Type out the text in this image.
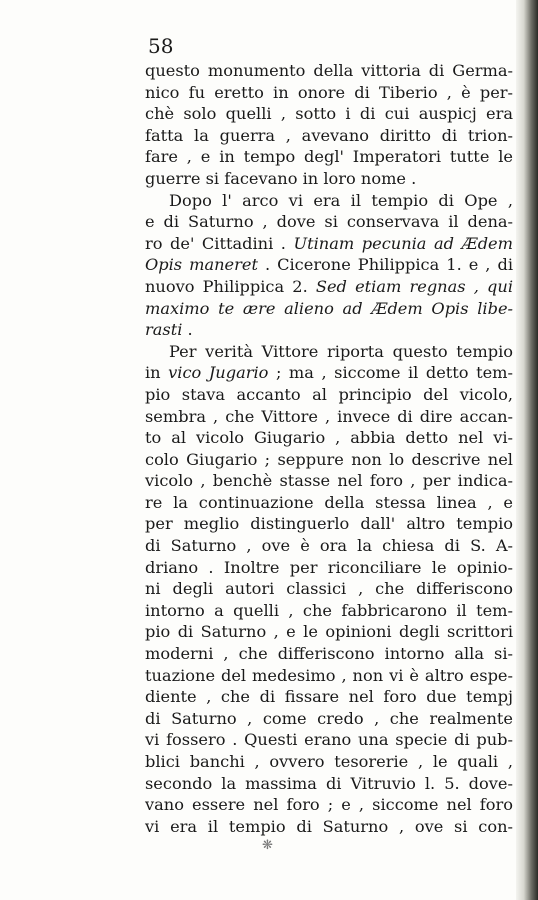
58
questo monumento della vittoria di Germa-
nico fu eretto in onore di Tiberio , è per-
chè solo quelli , sotto i di cui auspicj era
fatta la guerra , avevano diritto di trion-
fare , e in tempo degl' Imperatori tutte le
guerre si facevano in loro nome .
Dopo l' arco vi era il tempio di Ope ,
e di Saturno , dove si conservava il dena-
ro de' Cittadini . Utinam pecunia ad Ædem
Opis maneret . Cicerone Philippica 1. e , di
nuovo Philippica 2. Sed etiam regnas , qui
maximo te ære alieno ad Ædem Opis libe-
rasti .
Per verità Vittore riporta questo tempio
in vico Jugario ; ma , siccome il detto tem-
pio stava accanto al principio del vicolo,
sembra , che Vittore , invece di dire accan-
to al vicolo Giugario , abbia detto nel vi-
colo Giugario ; seppure non lo descrive nel
vicolo , benchè stasse nel foro , per indica-
re la continuazione della stessa linea , e
per meglio distinguerlo dall' altro tempio
di Saturno , ove è ora la chiesa di S. A-
driano . Inoltre per riconciliare le opinio-
ni degli autori classici , che differiscono
intorno a quelli , che fabbricarono il tem-
pio di Saturno , e le opinioni degli scrittori
moderni , che differiscono intorno alla si-
tuazione del medesimo , non vi è altro espe-
diente , che di fissare nel foro due tempj
di Saturno , come credo , che realmente
vi fossero . Questi erano una specie di pub-
blici banchi , ovvero tesorerie , le quali ,
secondo la massima di Vitruvio l. 5. dove-
vano essere nel foro ; e , siccome nel foro
vi era il tempio di Saturno , ove si con-
❋
